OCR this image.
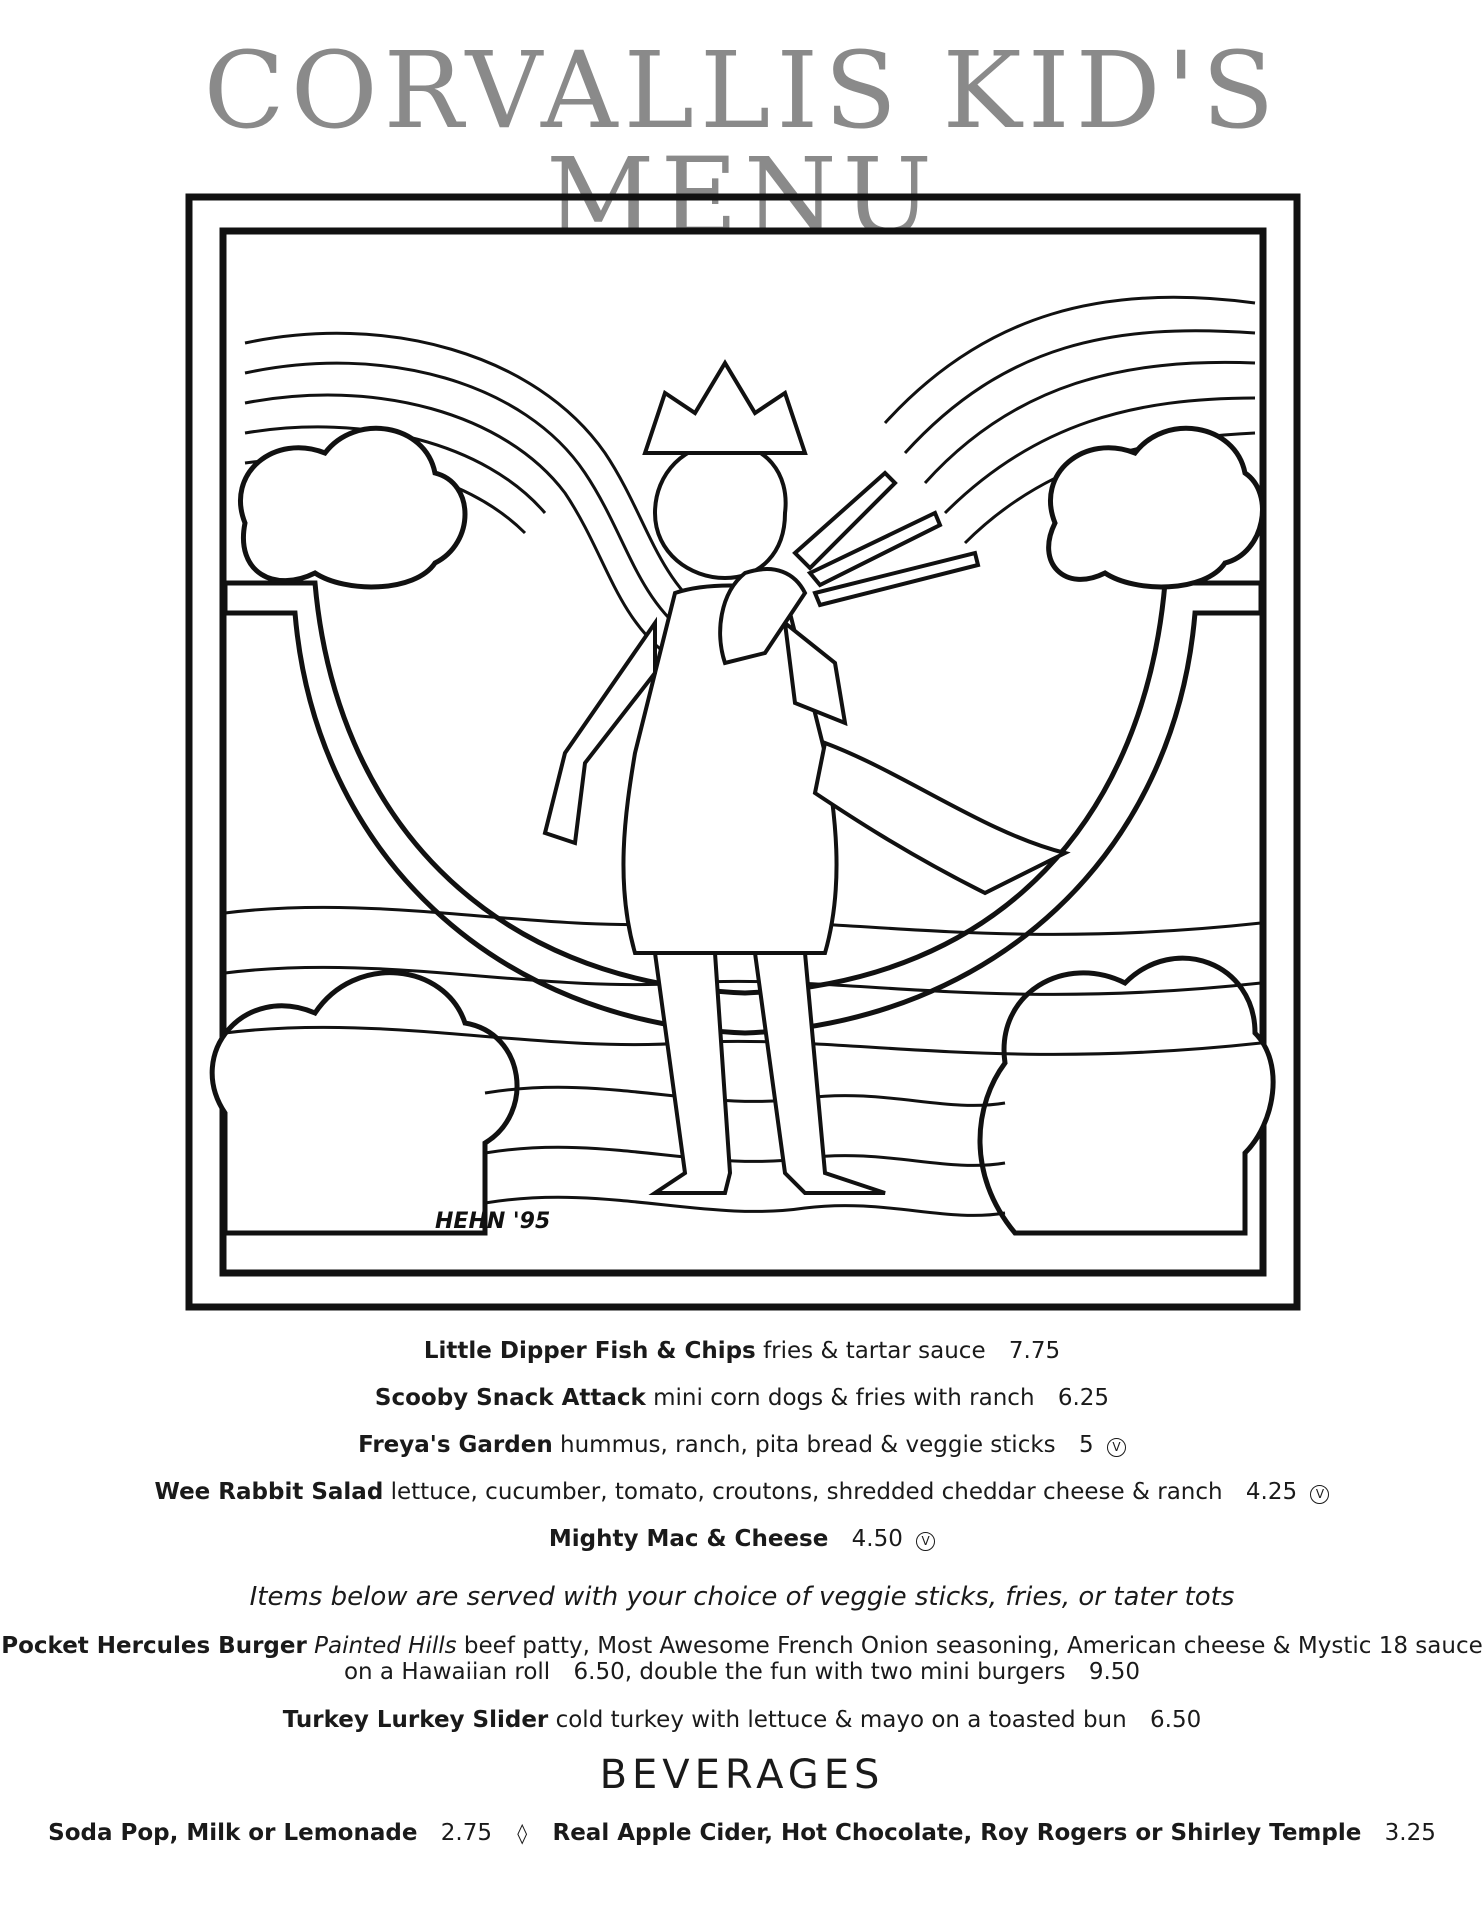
CORVALLIS KID'S MENU
HEHN '95
Little Dipper Fish & Chips fries & tartar sauce 7.75
Scooby Snack Attack mini corn dogs & fries with ranch 6.25
Freya's Garden hummus, ranch, pita bread & veggie sticks 5 V
Wee Rabbit Salad lettuce, cucumber, tomato, croutons, shredded cheddar cheese & ranch 4.25 V
Mighty Mac & Cheese 4.50 V
Items below are served with your choice of veggie sticks, fries, or tater tots
Pocket Hercules Burger Painted Hills beef patty, Most Awesome French Onion seasoning, American cheese & Mystic 18 sauce
on a Hawaiian roll 6.50, double the fun with two mini burgers 9.50
Turkey Lurkey Slider cold turkey with lettuce & mayo on a toasted bun 6.50
BEVERAGES
Soda Pop, Milk or Lemonade 2.75 ◊ Real Apple Cider, Hot Chocolate, Roy Rogers or Shirley Temple 3.25
